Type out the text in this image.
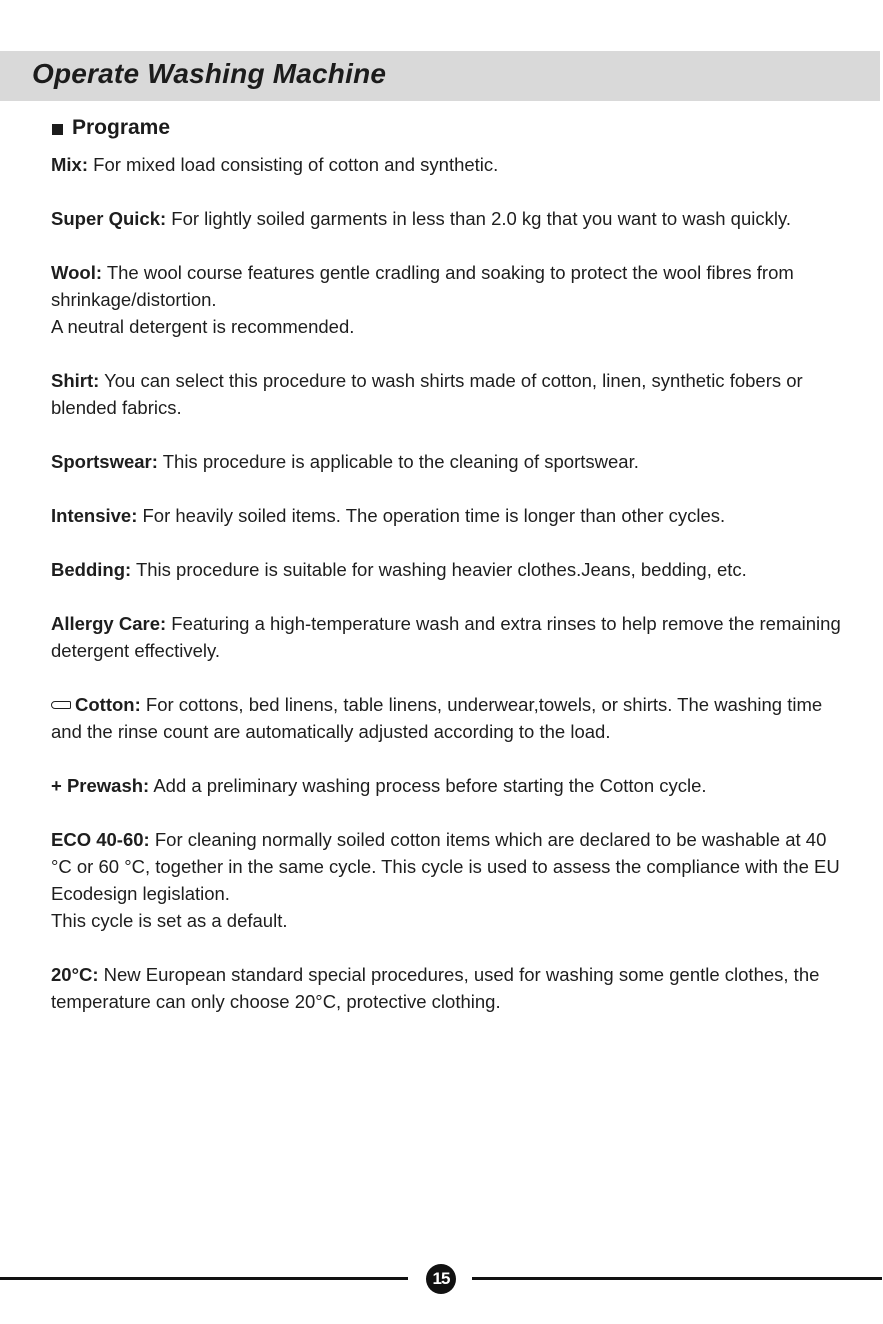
Operate Washing Machine
Programe

Mix: For mixed load consisting of cotton and synthetic.

Super Quick: For lightly soiled garments in less than 2.0 kg that you want to wash quickly.

Wool: The wool course features gentle cradling and soaking to protect the wool fibres from shrinkage/distortion.
A neutral detergent is recommended.

Shirt: You can select this procedure to wash shirts made of cotton, linen, synthetic fobers or blended fabrics.

Sportswear: This procedure is applicable to the cleaning of sportswear.

Intensive: For heavily soiled items. The operation time is longer than other cycles.

Bedding: This procedure is suitable for washing heavier clothes.Jeans, bedding, etc.

Allergy Care: Featuring a high-temperature wash and extra rinses to help remove the remaining detergent effectively.

Cotton: For cottons, bed linens, table linens, underwear,towels, or shirts. The washing time and the rinse count are automatically adjusted according to the load.

+ Prewash: Add a preliminary washing process before starting the Cotton cycle.

ECO 40-60: For cleaning normally soiled cotton items which are declared to be washable at 40 °C or 60 °C, together in the same cycle. This cycle is used to assess the compliance with the EU Ecodesign legislation.
This cycle is set as a default.

20°C: New European standard special procedures, used for washing some gentle clothes, the temperature can only choose 20°C, protective clothing.

15
